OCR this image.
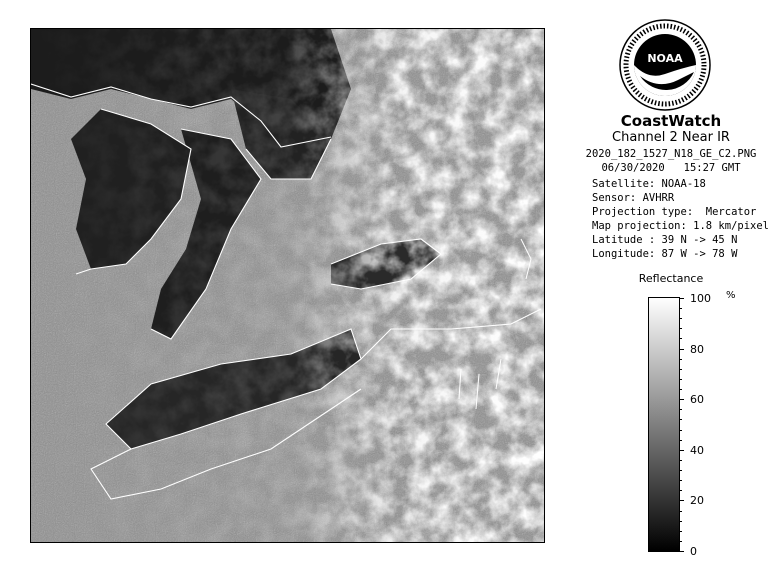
NOAA
CoastWatch
Channel 2 Near IR
2020_182_1527_N18_GE_C2.PNG
06/30/2020   15:27 GMT
Satellite: NOAA-18
Sensor: AVHRR
Projection type:  Mercator
Map projection: 1.8 km/pixel
Latitude : 39 N -> 45 N
Longitude: 87 W -> 78 W
Reflectance
100
80
60
40
20
0
%
